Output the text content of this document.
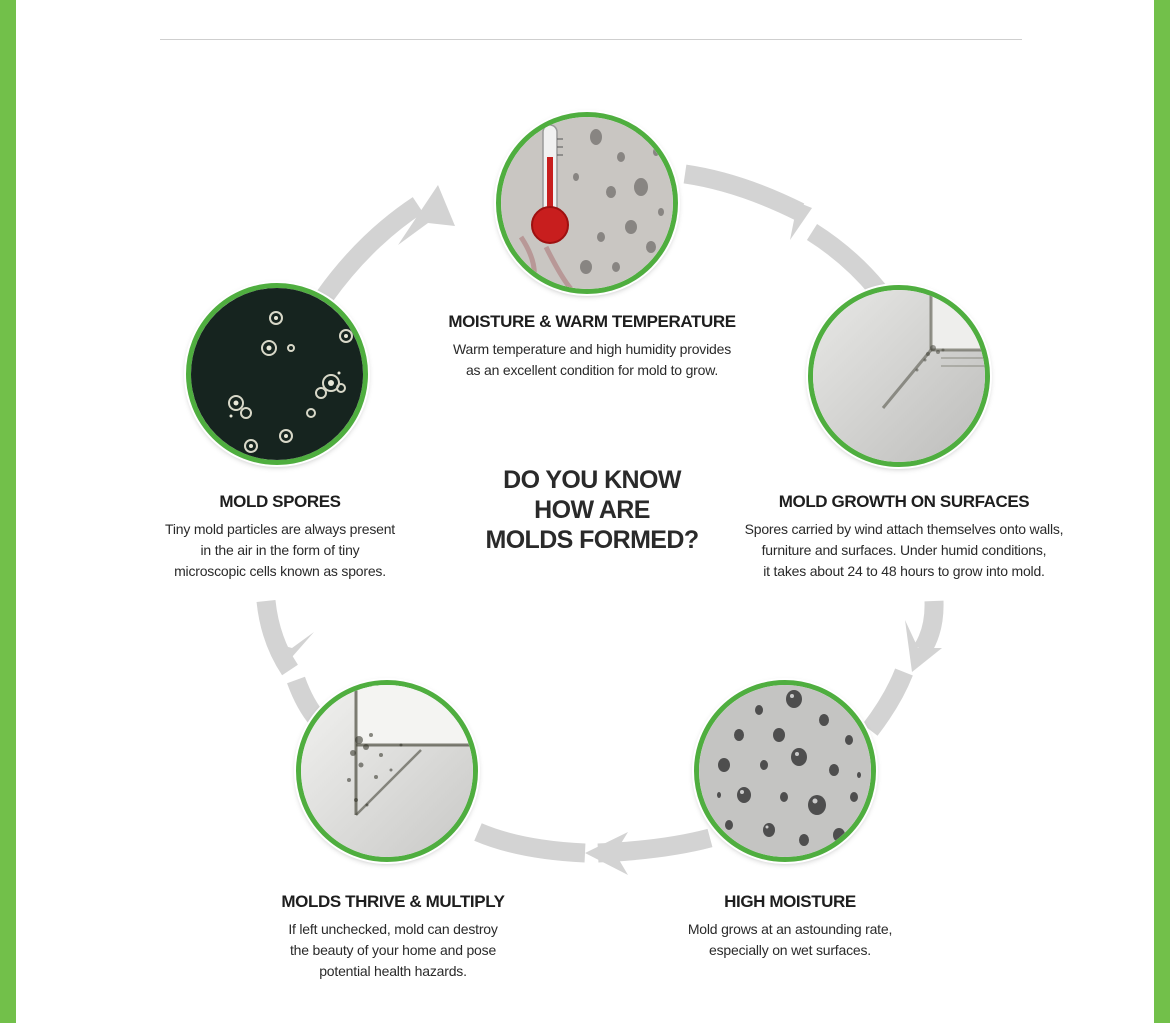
MOISTURE & WARM TEMPERATURE
Warm temperature and high humidity provides
as an excellent condition for mold to grow.
MOLD GROWTH ON SURFACES
Spores carried by wind attach themselves onto walls,
furniture and surfaces. Under humid conditions,
it takes about 24 to 48 hours to grow into mold.
HIGH MOISTURE
Mold grows at an astounding rate,
especially on wet surfaces.
MOLDS THRIVE & MULTIPLY
If left unchecked, mold can destroy
the beauty of your home and pose
potential health hazards.
MOLD SPORES
Tiny mold particles are always present
in the air in the form of tiny
microscopic cells known as spores.
DO YOU KNOW
HOW ARE
MOLDS FORMED?
